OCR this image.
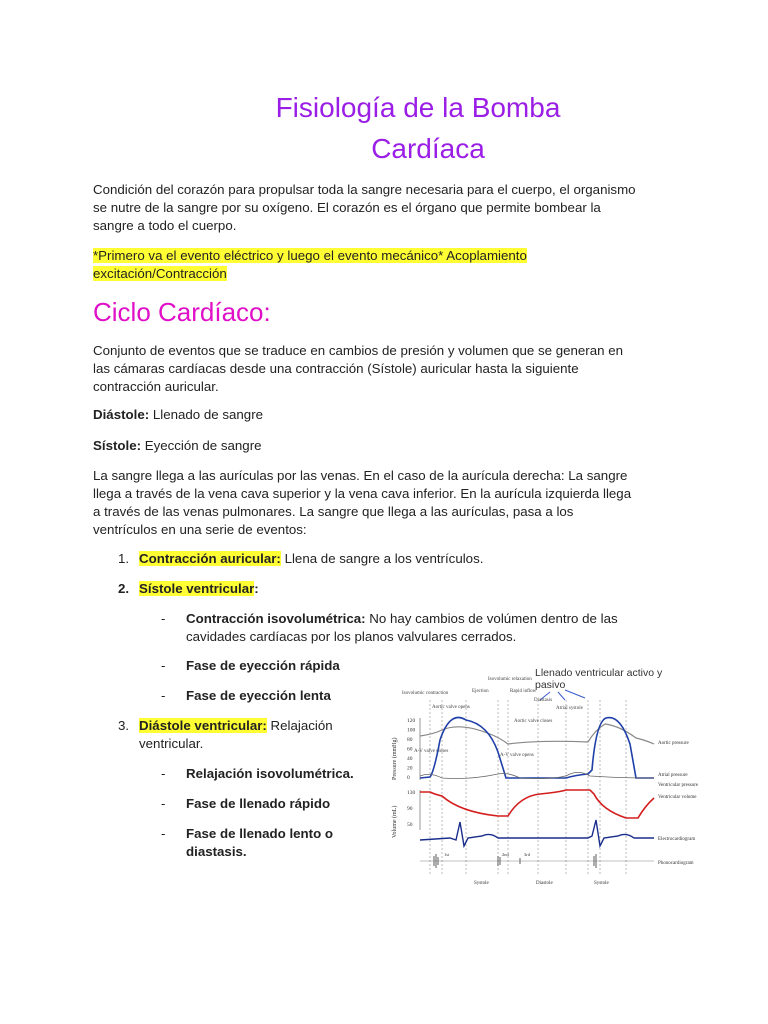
Fisiología de la Bomba
Cardíaca
Condición del corazón para propulsar toda la sangre necesaria para el cuerpo, el organismo
se nutre de la sangre por su oxígeno. El corazón es el órgano que permite bombear la
sangre a todo el cuerpo.
*Primero va el evento eléctrico y luego el evento mecánico* Acoplamiento
excitación/Contracción
Ciclo Cardíaco:
Conjunto de eventos que se traduce en cambios de presión y volumen que se generan en
las cámaras cardíacas desde una contracción (Sístole) auricular hasta la siguiente
contracción auricular.
Diástole: Llenado de sangre
Sístole: Eyección de sangre
La sangre llega a las aurículas por las venas. En el caso de la aurícula derecha: La sangre
llega a través de la vena cava superior y la vena cava inferior. En la aurícula izquierda llega
a través de las venas pulmonares. La sangre que llega a las aurículas, pasa a los
ventrículos en una serie de eventos:
1. Contracción auricular: Llena de sangre a los ventrículos.
2. Sístole ventricular:
- Contracción isovolumétrica: No hay cambios de volúmen dentro de las
cavidades cardíacas por los planos valvulares cerrados.
- Fase de eyección rápida
- Fase de eyección lenta
3. Diástole ventricular: Relajación
ventricular.
- Relajación isovolumétrica.
- Fase de llenado rápido
- Fase de llenado lento o
diastasis.
Llenado ventricular activo y
pasivo
Isovolumic relaxation
Ejection	Rapid inflow
Isovolumic contraction
Diastasis
Atrial systole
Aortic valve opens
Aortic valve closes
A-V valve closes
A-V valve opens
Pressure (mmHg)
Volume (mL)
120
100
80
60
40
20
0
130
90
50
1st	2nd	3rd
Aortic pressure
Atrial pressure
Ventricular pressure
Ventricular volume
Electrocardiogram
Phonocardiogram
Systole	Diastole	Systole
